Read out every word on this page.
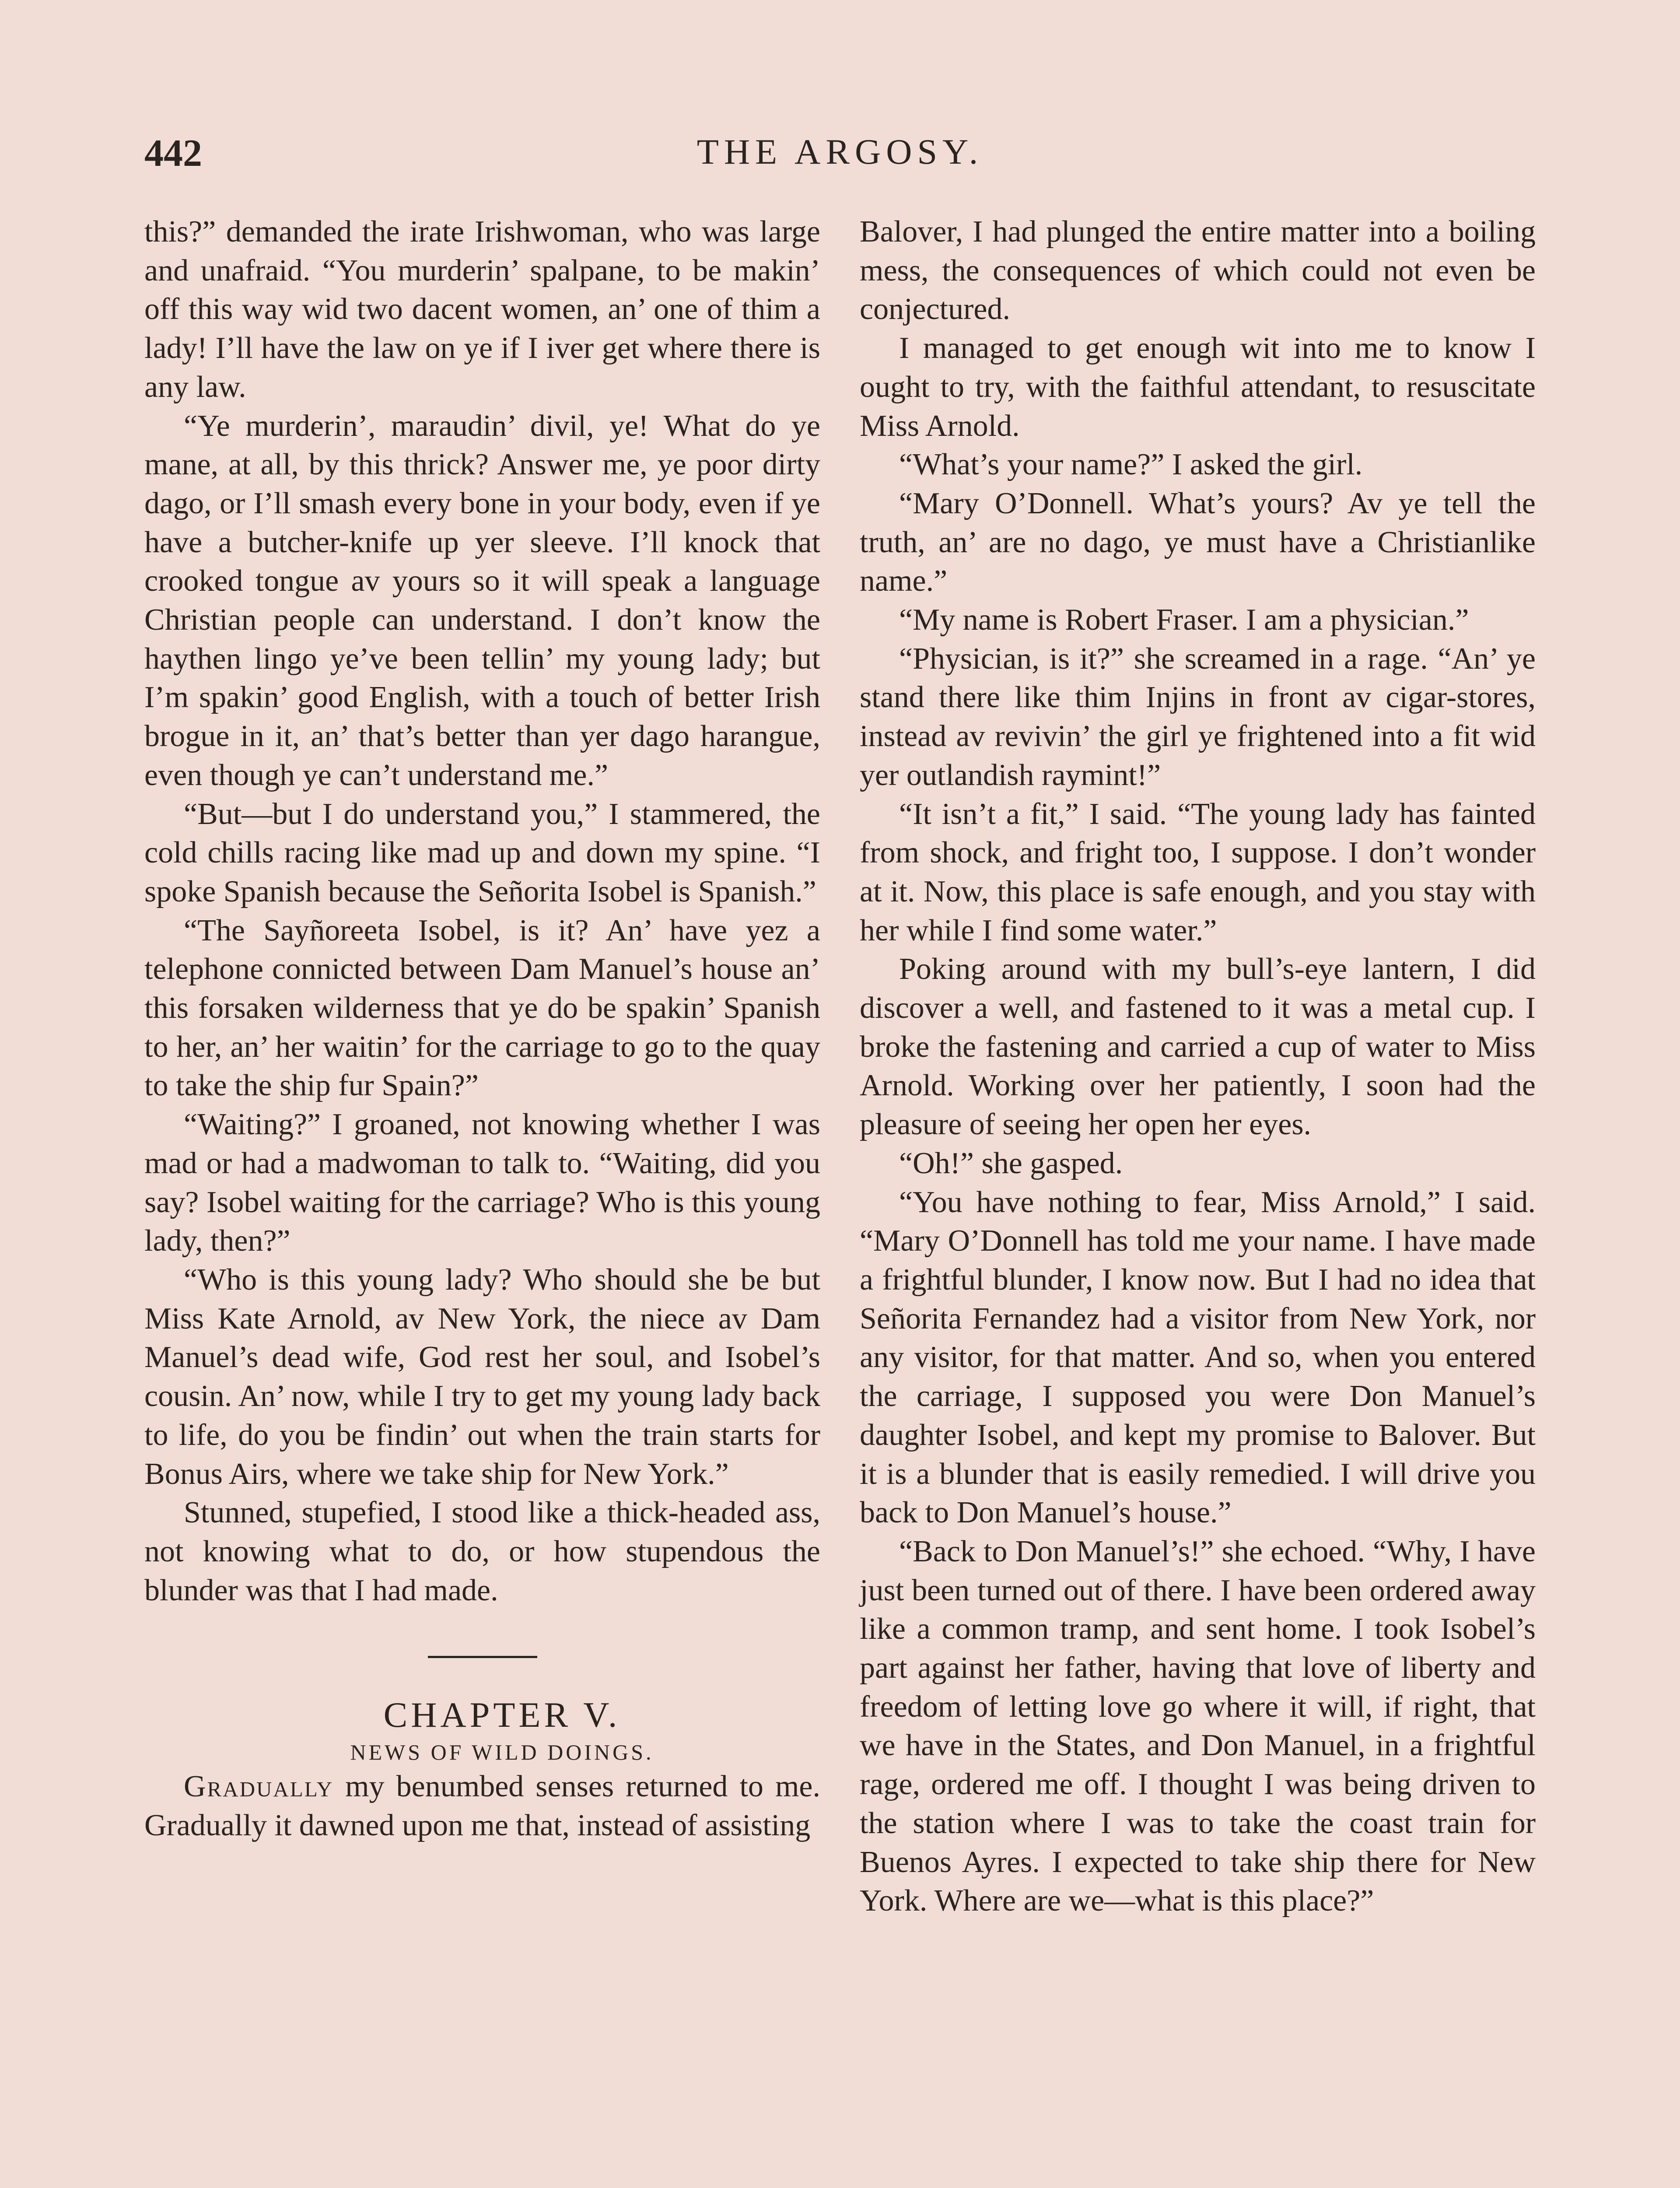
THE ARGOSY.
442

this?” demanded the irate Irishwoman, who was large and unafraid. “You murderin’ spalpane, to be makin’ off this way wid two dacent women, an’ one of thim a lady! I’ll have the law on ye if I iver get where there is any law.

“Ye murderin’, maraudin’ divil, ye! What do ye mane, at all, by this thrick? Answer me, ye poor dirty dago, or I’ll smash every bone in your body, even if ye have a butcher-knife up yer sleeve. I’ll knock that crooked tongue av yours so it will speak a language Christian people can understand. I don’t know the haythen lingo ye’ve been tellin’ my young lady; but I’m spakin’ good English, with a touch of better Irish brogue in it, an’ that’s better than yer dago harangue, even though ye can’t understand me.”

“But—but I do understand you,” I stammered, the cold chills racing like mad up and down my spine. “I spoke Spanish because the Señorita Isobel is Spanish.”

“The Sayñoreeta Isobel, is it? An’ have yez a telephone connicted between Dam Manuel’s house an’ this forsaken wilderness that ye do be spakin’ Spanish to her, an’ her waitin’ for the carriage to go to the quay to take the ship fur Spain?”

“Waiting?” I groaned, not knowing whether I was mad or had a madwoman to talk to. “Waiting, did you say? Isobel waiting for the carriage? Who is this young lady, then?”

“Who is this young lady? Who should she be but Miss Kate Arnold, av New York, the niece av Dam Manuel’s dead wife, God rest her soul, and Isobel’s cousin. An’ now, while I try to get my young lady back to life, do you be findin’ out when the train starts for Bonus Airs, where we take ship for New York.”

Stunned, stupefied, I stood like a thick-headed ass, not knowing what to do, or how stupendous the blunder was that I had made.

CHAPTER V.

NEWS OF WILD DOINGS.

Gradually my benumbed senses returned to me. Gradually it dawned upon me that, instead of assisting

Balover, I had plunged the entire matter into a boiling mess, the consequences of which could not even be conjectured.

I managed to get enough wit into me to know I ought to try, with the faithful attendant, to resuscitate Miss Arnold.

“What’s your name?” I asked the girl.

“Mary O’Donnell. What’s yours? Av ye tell the truth, an’ are no dago, ye must have a Christianlike name.”

“My name is Robert Fraser. I am a physician.”

“Physician, is it?” she screamed in a rage. “An’ ye stand there like thim Injins in front av cigar-stores, instead av revivin’ the girl ye frightened into a fit wid yer outlandish raymint!”

“It isn’t a fit,” I said. “The young lady has fainted from shock, and fright too, I suppose. I don’t wonder at it. Now, this place is safe enough, and you stay with her while I find some water.”

Poking around with my bull’s-eye lantern, I did discover a well, and fastened to it was a metal cup. I broke the fastening and carried a cup of water to Miss Arnold. Working over her patiently, I soon had the pleasure of seeing her open her eyes.

“Oh!” she gasped.

“You have nothing to fear, Miss Arnold,” I said. “Mary O’Donnell has told me your name. I have made a frightful blunder, I know now. But I had no idea that Señorita Fernandez had a visitor from New York, nor any visitor, for that matter. And so, when you entered the carriage, I supposed you were Don Manuel’s daughter Isobel, and kept my promise to Balover. But it is a blunder that is easily remedied. I will drive you back to Don Manuel’s house.”

“Back to Don Manuel’s!” she echoed. “Why, I have just been turned out of there. I have been ordered away like a common tramp, and sent home. I took Isobel’s part against her father, having that love of liberty and freedom of letting love go where it will, if right, that we have in the States, and Don Manuel, in a frightful rage, ordered me off. I thought I was being driven to the station where I was to take the coast train for Buenos Ayres. I expected to take ship there for New York. Where are we—what is this place?”
